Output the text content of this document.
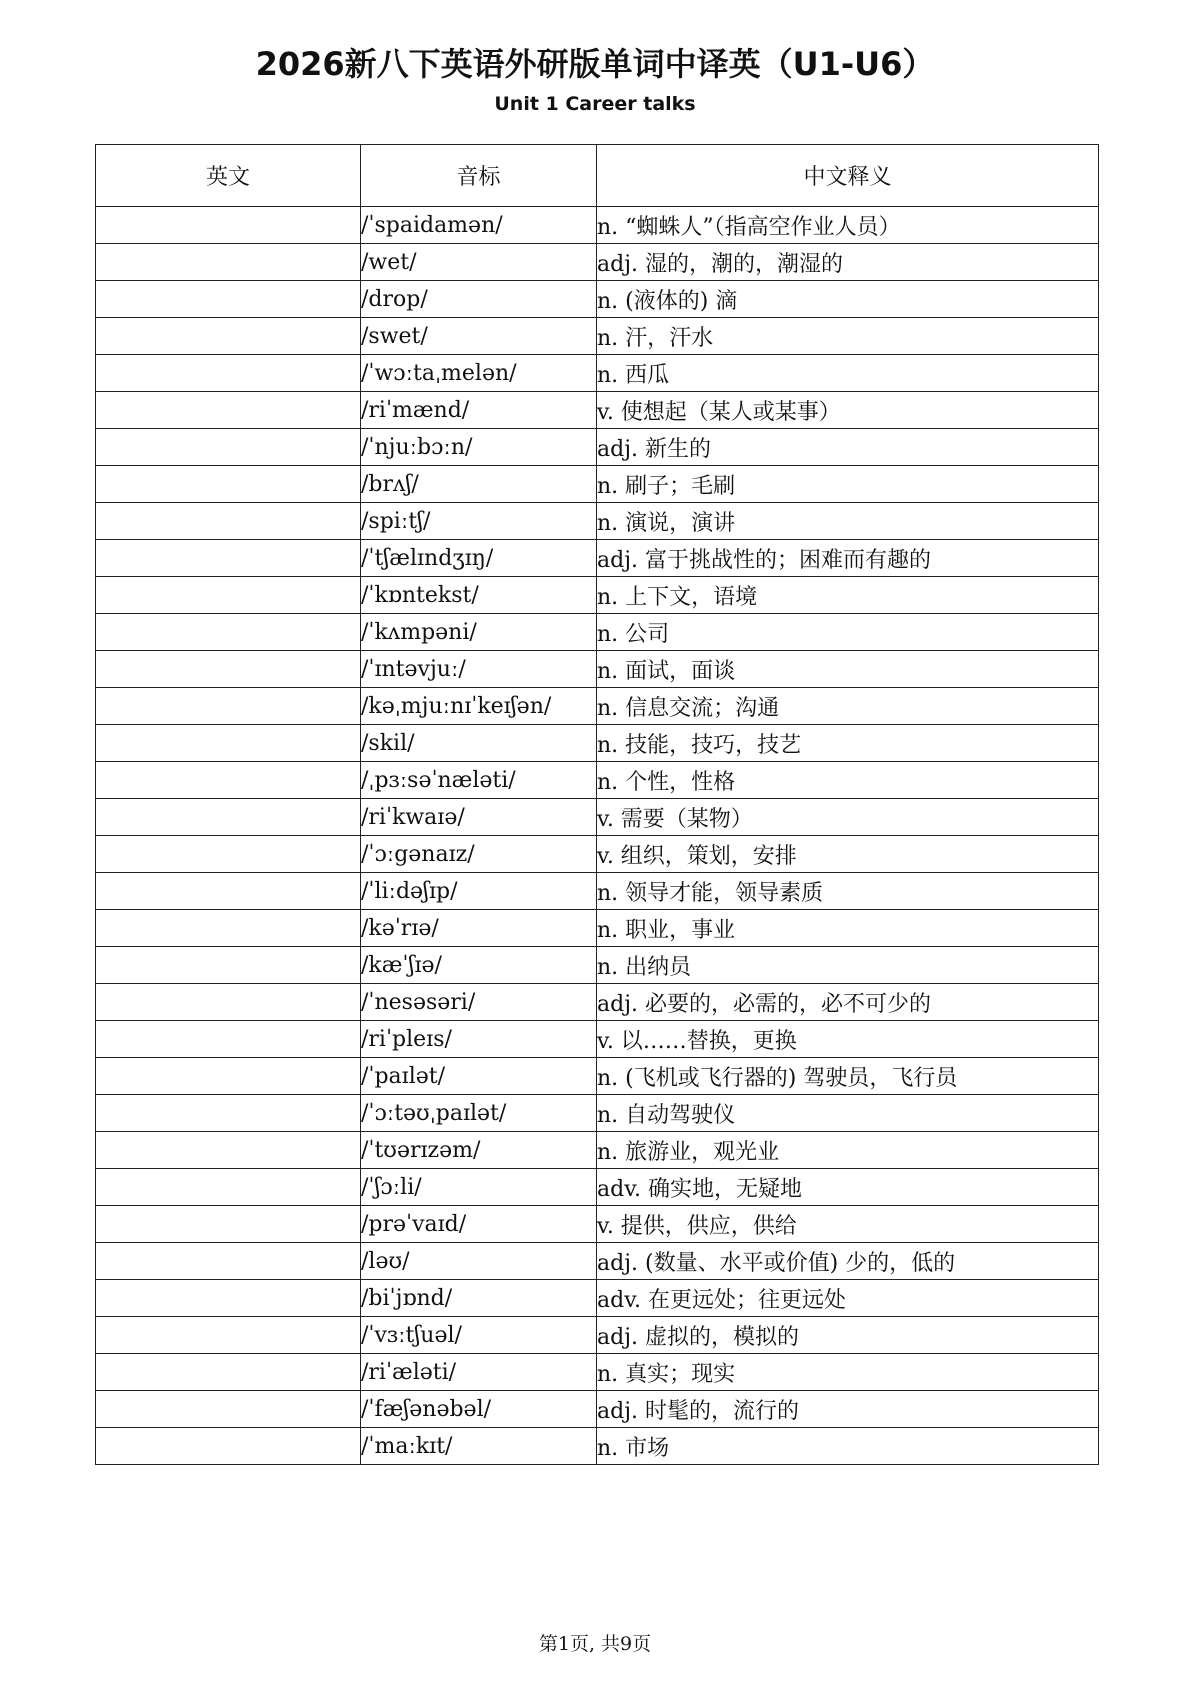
2026新八下英语外研版单词中译英（U1-U6）
Unit 1 Career talks
英文	音标	中文释义
	/ˈspaidamən/	n. “蜘蛛人”（指高空作业人员）
	/wet/	adj. 湿的，潮的，潮湿的
	/drop/	n. (液体的) 滴
	/swet/	n. 汗，汗水
	/ˈwɔːtaˌmelən/	n. 西瓜
	/riˈmænd/	v. 使想起（某人或某事）
	/ˈnjuːbɔːn/	adj. 新生的
	/brʌʃ/	n. 刷子；毛刷
	/spiːtʃ/	n. 演说，演讲
	/ˈtʃælɪndʒɪŋ/	adj. 富于挑战性的；困难而有趣的
	/ˈkɒntekst/	n. 上下文，语境
	/ˈkʌmpəni/	n. 公司
	/ˈɪntəvjuː/	n. 面试，面谈
	/kəˌmjuːnɪˈkeɪʃən/	n. 信息交流；沟通
	/skil/	n. 技能，技巧，技艺
	/ˌpɜːsəˈnæləti/	n. 个性，性格
	/riˈkwaɪə/	v. 需要（某物）
	/ˈɔːgənaɪz/	v. 组织，策划，安排
	/ˈliːdəʃɪp/	n. 领导才能，领导素质
	/kəˈrɪə/	n. 职业，事业
	/kæˈʃɪə/	n. 出纳员
	/ˈnesəsəri/	adj. 必要的，必需的，必不可少的
	/riˈpleɪs/	v. 以……替换，更换
	/ˈpaɪlət/	n. (飞机或飞行器的) 驾驶员，飞行员
	/ˈɔːtəʊˌpaɪlət/	n. 自动驾驶仪
	/ˈtʊərɪzəm/	n. 旅游业，观光业
	/ˈʃɔːli/	adv. 确实地，无疑地
	/prəˈvaɪd/	v. 提供，供应，供给
	/ləʊ/	adj. (数量、水平或价值) 少的，低的
	/biˈjɒnd/	adv. 在更远处；往更远处
	/ˈvɜːtʃuəl/	adj. 虚拟的，模拟的
	/riˈæləti/	n. 真实；现实
	/ˈfæʃənəbəl/	adj. 时髦的，流行的
	/ˈmaːkɪt/	n. 市场
第1页, 共9页
